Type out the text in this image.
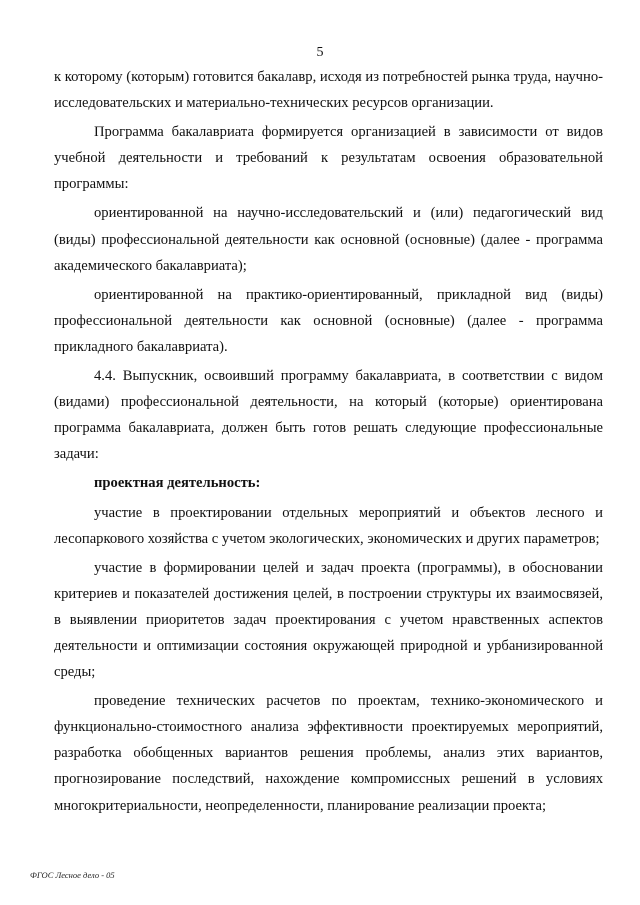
5

к которому (которым) готовится бакалавр, исходя из потребностей рынка труда, научно-исследовательских и материально-технических ресурсов организации.

Программа бакалавриата формируется организацией в зависимости от видов учебной деятельности и требований к результатам освоения образовательной программы:

ориентированной на научно-исследовательский и (или) педагогический вид (виды) профессиональной деятельности как основной (основные) (далее - программа академического бакалавриата);

ориентированной на практико-ориентированный, прикладной вид (виды) профессиональной деятельности как основной (основные) (далее - программа прикладного бакалавриата).

4.4. Выпускник, освоивший программу бакалавриата, в соответствии с видом (видами) профессиональной деятельности, на который (которые) ориентирована программа бакалавриата, должен быть готов решать следующие профессиональные задачи:

проектная деятельность:

участие в проектировании отдельных мероприятий и объектов лесного и лесопаркового хозяйства с учетом экологических, экономических и других параметров;

участие в формировании целей и задач проекта (программы), в обосновании критериев и показателей достижения целей, в построении структуры их взаимосвязей, в выявлении приоритетов задач проектирования с учетом нравственных аспектов деятельности и оптимизации состояния окружающей природной и урбанизированной среды;

проведение технических расчетов по проектам, технико-экономического и функционально-стоимостного анализа эффективности проектируемых мероприятий, разработка обобщенных вариантов решения проблемы, анализ этих вариантов, прогнозирование последствий, нахождение компромиссных решений в условиях многокритериальности, неопределенности, планирование реализации проекта;

ФГОС Лесное дело - 05
